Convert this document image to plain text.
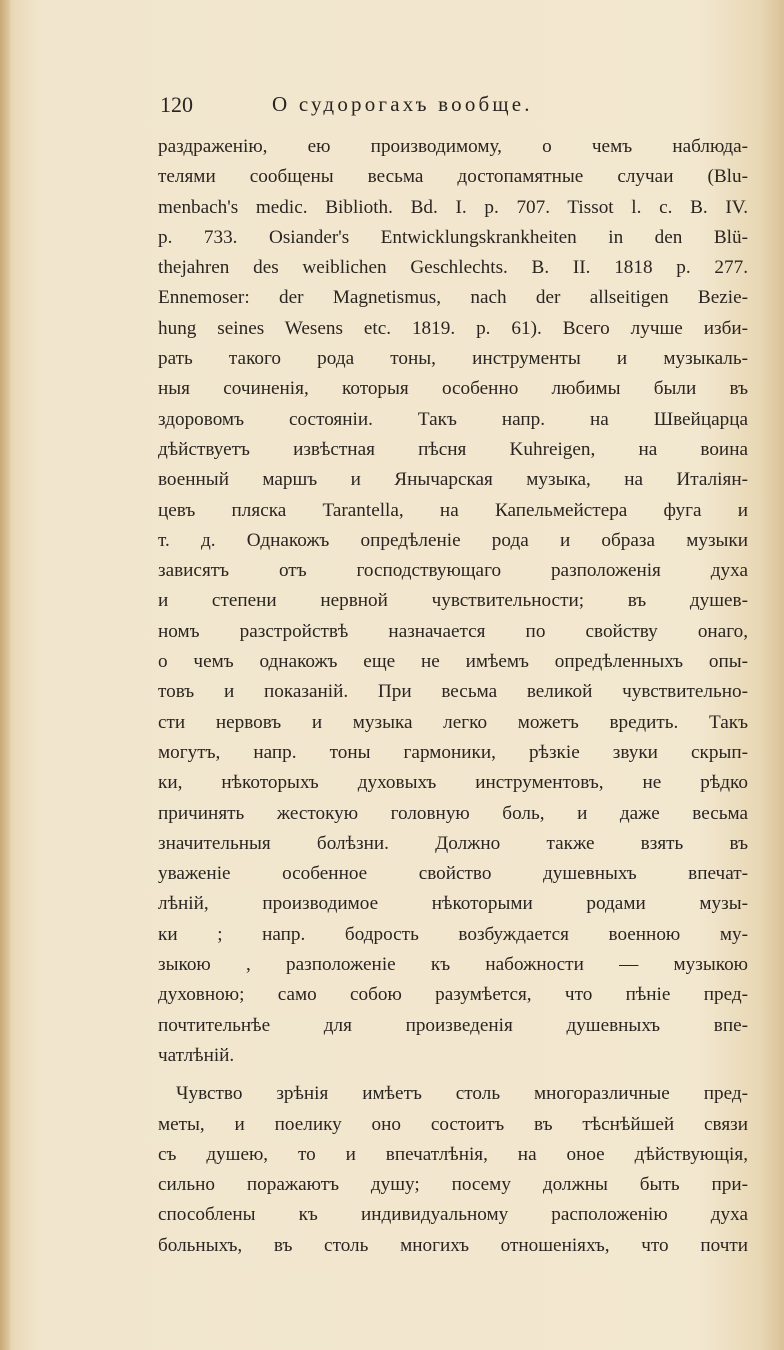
120	О судорогахъ вообще.
раздраженію, ею производимому, о чемъ наблюда-
телями сообщены весьма достопамятные случаи (Blu-
menbach's medic. Biblioth. Bd. I. p. 707. Tissot l. c. B. IV.
p. 733. Osiander's Entwicklungskrankheiten in den Blü-
thejahren des weiblichen Geschlechts. B. II. 1818 p. 277.
Ennemoser: der Magnetismus, nach der allseitigen Bezie-
hung seines Wesens etc. 1819. p. 61). Всего лучше изби-
рать такого рода тоны, инструменты и музыкаль-
ныя сочиненія, которыя особенно любимы были въ
здоровомъ состояніи. Такъ напр. на Швейцарца
дѣйствуетъ извѣстная пѣсня Kuhreigen, на воина
военный маршъ и Янычарская музыка, на Италiян-
цевъ пляска Tarantella, на Капельмейстера фуга и
т. д. Однакожъ опредѣленіе рода и образа музыки
зависятъ отъ господствующаго разположенія духа
и степени нервной чувствительности; въ душев-
номъ разстройствѣ назначается по свойству онаго,
о чемъ однакожъ еще не имѣемъ опредѣленныхъ опы-
товъ и показаній. При весьма великой чувствительно-
сти нервовъ и музыка легко можетъ вредить. Такъ
могутъ, напр. тоны гармоники, рѣзкіе звуки скрып-
ки, нѣкоторыхъ духовыхъ инструментовъ, не рѣдко
причинять жестокую головную боль, и даже весьма
значительныя болѣзни. Должно также взять въ
уваженіе особенное свойство душевныхъ впечат-
лѣній, производимое нѣкоторыми родами музы-
ки ; напр. бодрость возбуждается военною му-
зыкою , разположеніе къ набожности — музыкою
духовною; само собою разумѣется, что пѣніе пред-
почтительнѣе для произведенія душевныхъ впе-
чатлѣній.
Чувство зрѣнія имѣетъ столь многоразличные пред-
меты, и поелику оно состоитъ въ тѣснѣйшей связи
съ душею, то и впечатлѣнія, на оное дѣйствующія,
сильно поражаютъ душу; посему должны быть при-
способлены къ индивидуальному расположенію духа
больныхъ, въ столь многихъ отношеніяхъ, что почти
